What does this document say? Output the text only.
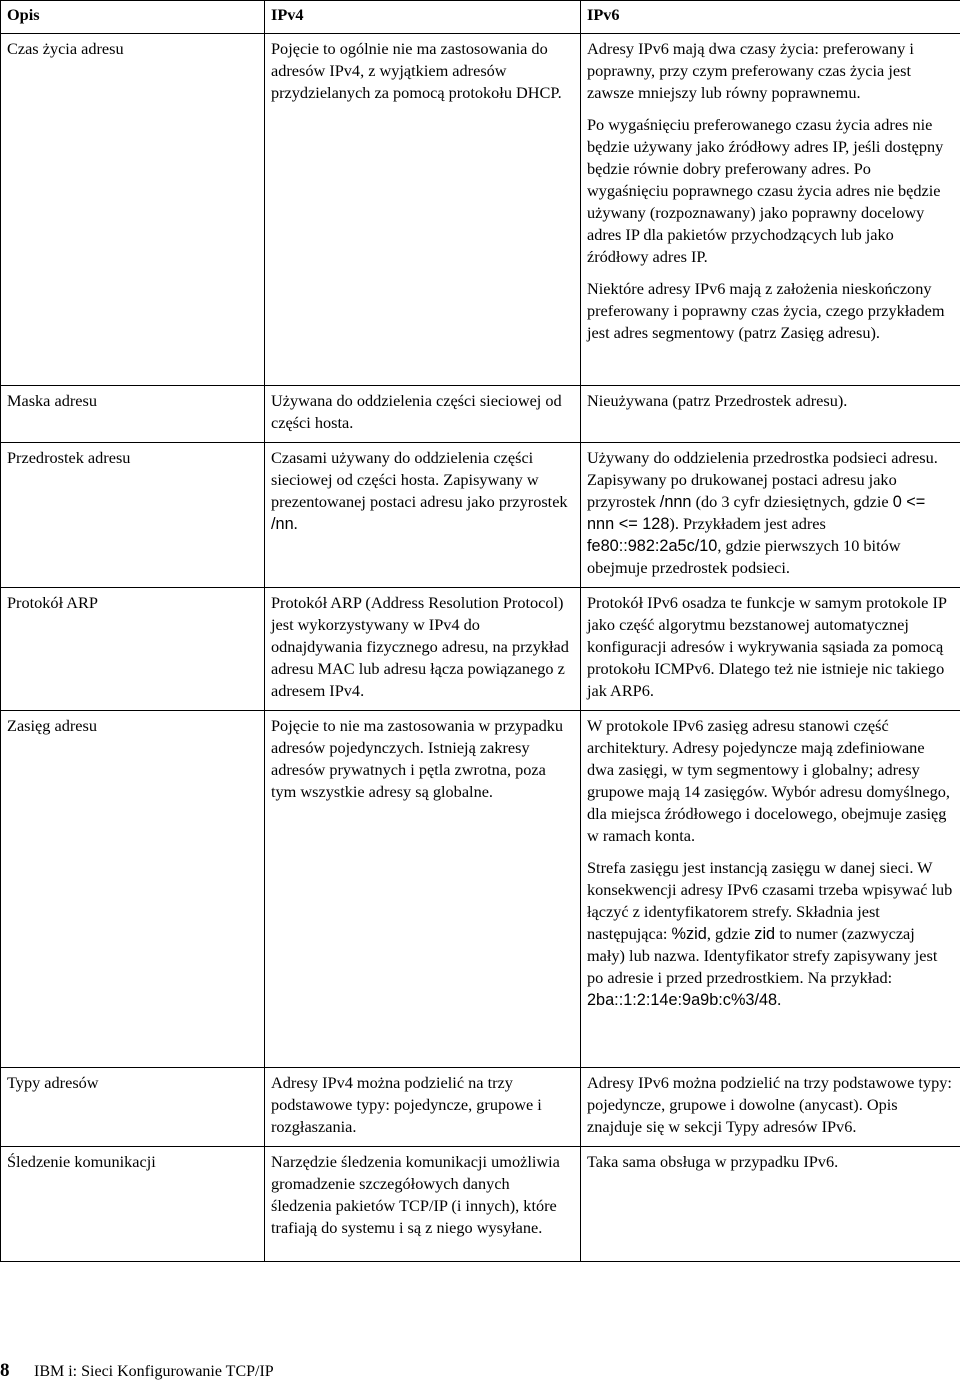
Opis	IPv4	IPv6
Czas życia adresu	Pojęcie to ogólnie nie ma zastosowania do adresów IPv4, z wyjątkiem adresów przydzielanych za pomocą protokołu DHCP.	Adresy IPv6 mają dwa czasy życia: preferowany i poprawny, przy czym preferowany czas życia jest zawsze mniejszy lub równy poprawnemu.
Po wygaśnięciu preferowanego czasu życia adres nie będzie używany jako źródłowy adres IP, jeśli dostępny będzie równie dobry preferowany adres. Po wygaśnięciu poprawnego czasu życia adres nie będzie używany (rozpoznawany) jako poprawny docelowy adres IP dla pakietów przychodzących lub jako źródłowy adres IP.
Niektóre adresy IPv6 mają z założenia nieskończony preferowany i poprawny czas życia, czego przykładem jest adres segmentowy (patrz Zasięg adresu).

Maska adresu	Używana do oddzielenia części sieciowej od części hosta.	Nieużywana (patrz Przedrostek adresu).

Przedrostek adresu	Czasami używany do oddzielenia części sieciowej od części hosta. Zapisywany w prezentowanej postaci adresu jako przyrostek /nn.	Używany do oddzielenia przedrostka podsieci adresu. Zapisywany po drukowanej postaci adresu jako przyrostek /nnn (do 3 cyfr dziesiętnych, gdzie 0 <= nnn <= 128). Przykładem jest adres fe80::982:2a5c/10, gdzie pierwszych 10 bitów obejmuje przedrostek podsieci.

Protokół ARP	Protokół ARP (Address Resolution Protocol) jest wykorzystywany w IPv4 do odnajdywania fizycznego adresu, na przykład adresu MAC lub adresu łącza powiązanego z adresem IPv4.	Protokół IPv6 osadza te funkcje w samym protokole IP jako część algorytmu bezstanowej automatycznej konfiguracji adresów i wykrywania sąsiada za pomocą protokołu ICMPv6. Dlatego też nie istnieje nic takiego jak ARP6.

Zasięg adresu	Pojęcie to nie ma zastosowania w przypadku adresów pojedynczych. Istnieją zakresy adresów prywatnych i pętla zwrotna, poza tym wszystkie adresy są globalne.	W protokole IPv6 zasięg adresu stanowi część architektury. Adresy pojedyncze mają zdefiniowane dwa zasięgi, w tym segmentowy i globalny; adresy grupowe mają 14 zasięgów. Wybór adresu domyślnego, dla miejsca źródłowego i docelowego, obejmuje zasięg w ramach konta.
Strefa zasięgu jest instancją zasięgu w danej sieci. W konsekwencji adresy IPv6 czasami trzeba wpisywać lub łączyć z identyfikatorem strefy. Składnia jest następująca: %zid, gdzie zid to numer (zazwyczaj mały) lub nazwa. Identyfikator strefy zapisywany jest po adresie i przed przedrostkiem. Na przykład: 2ba::1:2:14e:9a9b:c%3/48.

Typy adresów	Adresy IPv4 można podzielić na trzy podstawowe typy: pojedyncze, grupowe i rozgłaszania.	Adresy IPv6 można podzielić na trzy podstawowe typy: pojedyncze, grupowe i dowolne (anycast). Opis znajduje się w sekcji Typy adresów IPv6.

Śledzenie komunikacji	Narzędzie śledzenia komunikacji umożliwia gromadzenie szczegółowych danych śledzenia pakietów TCP/IP (i innych), które trafiają do systemu i są z niego wysyłane.	Taka sama obsługa w przypadku IPv6.
8 IBM i: Sieci Konfigurowanie TCP/IP
